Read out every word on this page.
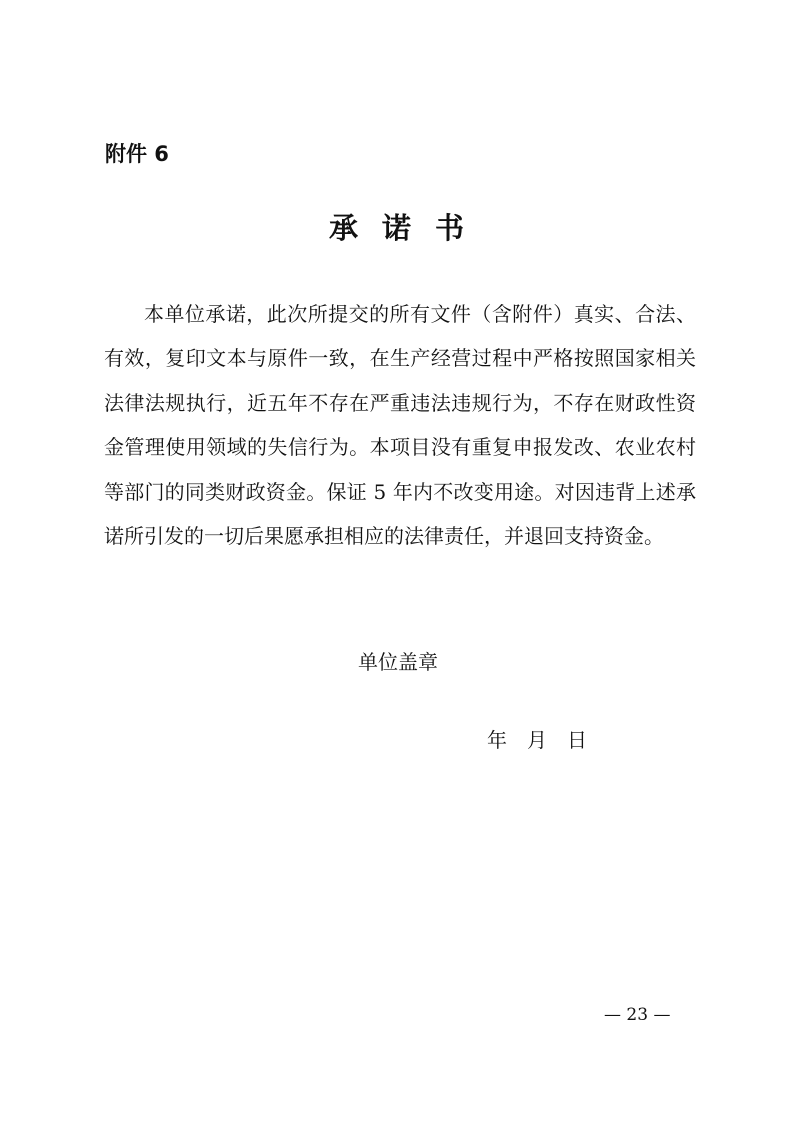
附件 6

承诺书

本单位承诺，此次所提交的所有文件（含附件）真实、合法、有效，复印文本与原件一致，在生产经营过程中严格按照国家相关法律法规执行，近五年不存在严重违法违规行为，不存在财政性资金管理使用领域的失信行为。本项目没有重复申报发改、农业农村等部门的同类财政资金。保证 5 年内不改变用途。对因违背上述承诺所引发的一切后果愿承担相应的法律责任，并退回支持资金。

单位盖章

年 月 日

— 23 —
